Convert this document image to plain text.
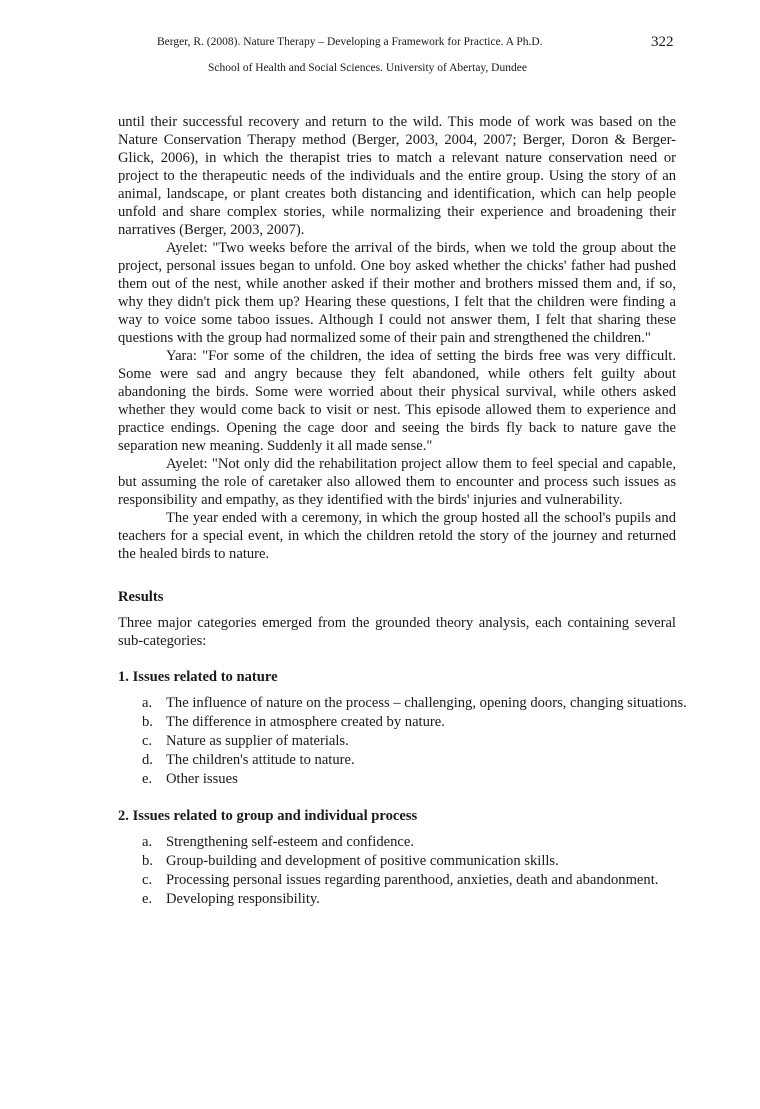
Berger, R. (2008). Nature Therapy – Developing a Framework for Practice. A Ph.D.	322
School of Health and Social Sciences. University of Abertay, Dundee

until their successful recovery and return to the wild. This mode of work was based on the Nature Conservation Therapy method (Berger, 2003, 2004, 2007; Berger, Doron & Berger-Glick, 2006), in which the therapist tries to match a relevant nature conservation need or project to the therapeutic needs of the individuals and the entire group. Using the story of an animal, landscape, or plant creates both distancing and identification, which can help people unfold and share complex stories, while normalizing their experience and broadening their narratives (Berger, 2003, 2007).

Ayelet: "Two weeks before the arrival of the birds, when we told the group about the project, personal issues began to unfold. One boy asked whether the chicks' father had pushed them out of the nest, while another asked if their mother and brothers missed them and, if so, why they didn't pick them up? Hearing these questions, I felt that the children were finding a way to voice some taboo issues. Although I could not answer them, I felt that sharing these questions with the group had normalized some of their pain and strengthened the children."

Yara: "For some of the children, the idea of setting the birds free was very difficult. Some were sad and angry because they felt abandoned, while others felt guilty about abandoning the birds. Some were worried about their physical survival, while others asked whether they would come back to visit or nest. This episode allowed them to experience and practice endings. Opening the cage door and seeing the birds fly back to nature gave the separation new meaning. Suddenly it all made sense."

Ayelet: "Not only did the rehabilitation project allow them to feel special and capable, but assuming the role of caretaker also allowed them to encounter and process such issues as responsibility and empathy, as they identified with the birds' injuries and vulnerability.

The year ended with a ceremony, in which the group hosted all the school's pupils and teachers for a special event, in which the children retold the story of the journey and returned the healed birds to nature.

Results

Three major categories emerged from the grounded theory analysis, each containing several sub-categories:

1. Issues related to nature
a. The influence of nature on the process – challenging, opening doors, changing situations.
b. The difference in atmosphere created by nature.
c. Nature as supplier of materials.
d. The children's attitude to nature.
e. Other issues
2. Issues related to group and individual process
a. Strengthening self-esteem and confidence.
b. Group-building and development of positive communication skills.
c. Processing personal issues regarding parenthood, anxieties, death and abandonment.
e. Developing responsibility.
